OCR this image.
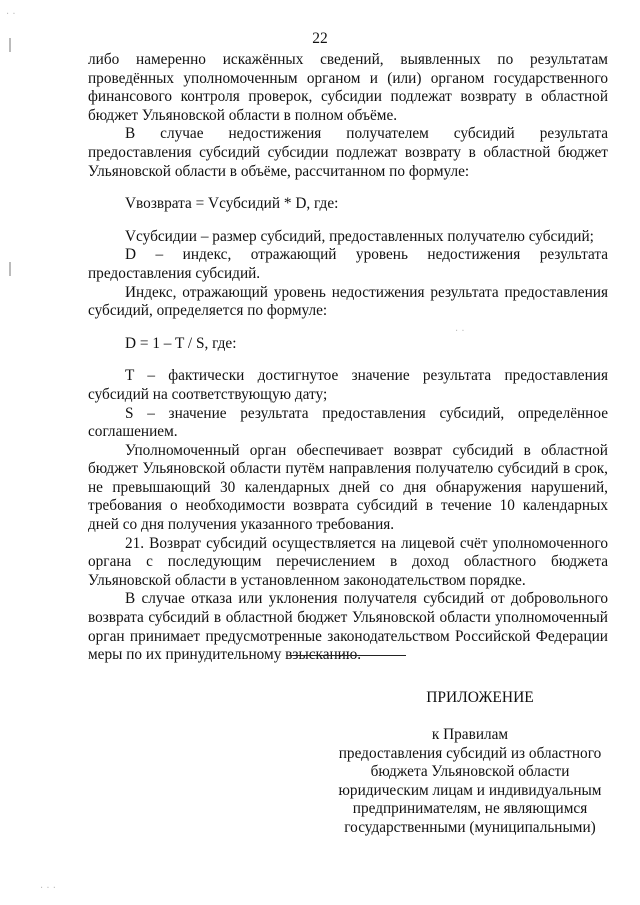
. .
. . .
. .
22

либо намеренно искажённых сведений, выявленных по результатам проведённых уполномоченным органом и (или) органом государственного финансового контроля проверок, субсидии подлежат возврату в областной бюджет Ульяновской области в полном объёме.

В случае недостижения получателем субсидий результата предоставления субсидий субсидии подлежат возврату в областной бюджет Ульяновской области в объёме, рассчитанном по формуле:

Vвозврата = Vсубсидий * D, где:

Vсубсидии – размер субсидий, предоставленных получателю субсидий;

D – индекс, отражающий уровень недостижения результата предоставления субсидий.

Индекс, отражающий уровень недостижения результата предоставления субсидий, определяется по формуле:

D = 1 – T / S, где:

T – фактически достигнутое значение результата предоставления субсидий на соответствующую дату;

S – значение результата предоставления субсидий, определённое соглашением.

Уполномоченный орган обеспечивает возврат субсидий в областной бюджет Ульяновской области путём направления получателю субсидий в срок, не превышающий 30 календарных дней со дня обнаружения нарушений, требования о необходимости возврата субсидий в течение 10 календарных дней со дня получения указанного требования.

21. Возврат субсидий осуществляется на лицевой счёт уполномоченного органа с последующим перечислением в доход областного бюджета Ульяновской области в установленном законодательством порядке.

В случае отказа или уклонения получателя субсидий от добровольного возврата субсидий в областной бюджет Ульяновской области уполномоченный орган принимает предусмотренные законодательством Российской Федерации меры по их принудительному взысканию.

ПРИЛОЖЕНИЕ
к Правилам
предоставления субсидий из областного
бюджета Ульяновской области
юридическим лицам и индивидуальным
предпринимателям, не являющимся
государственными (муниципальными)
